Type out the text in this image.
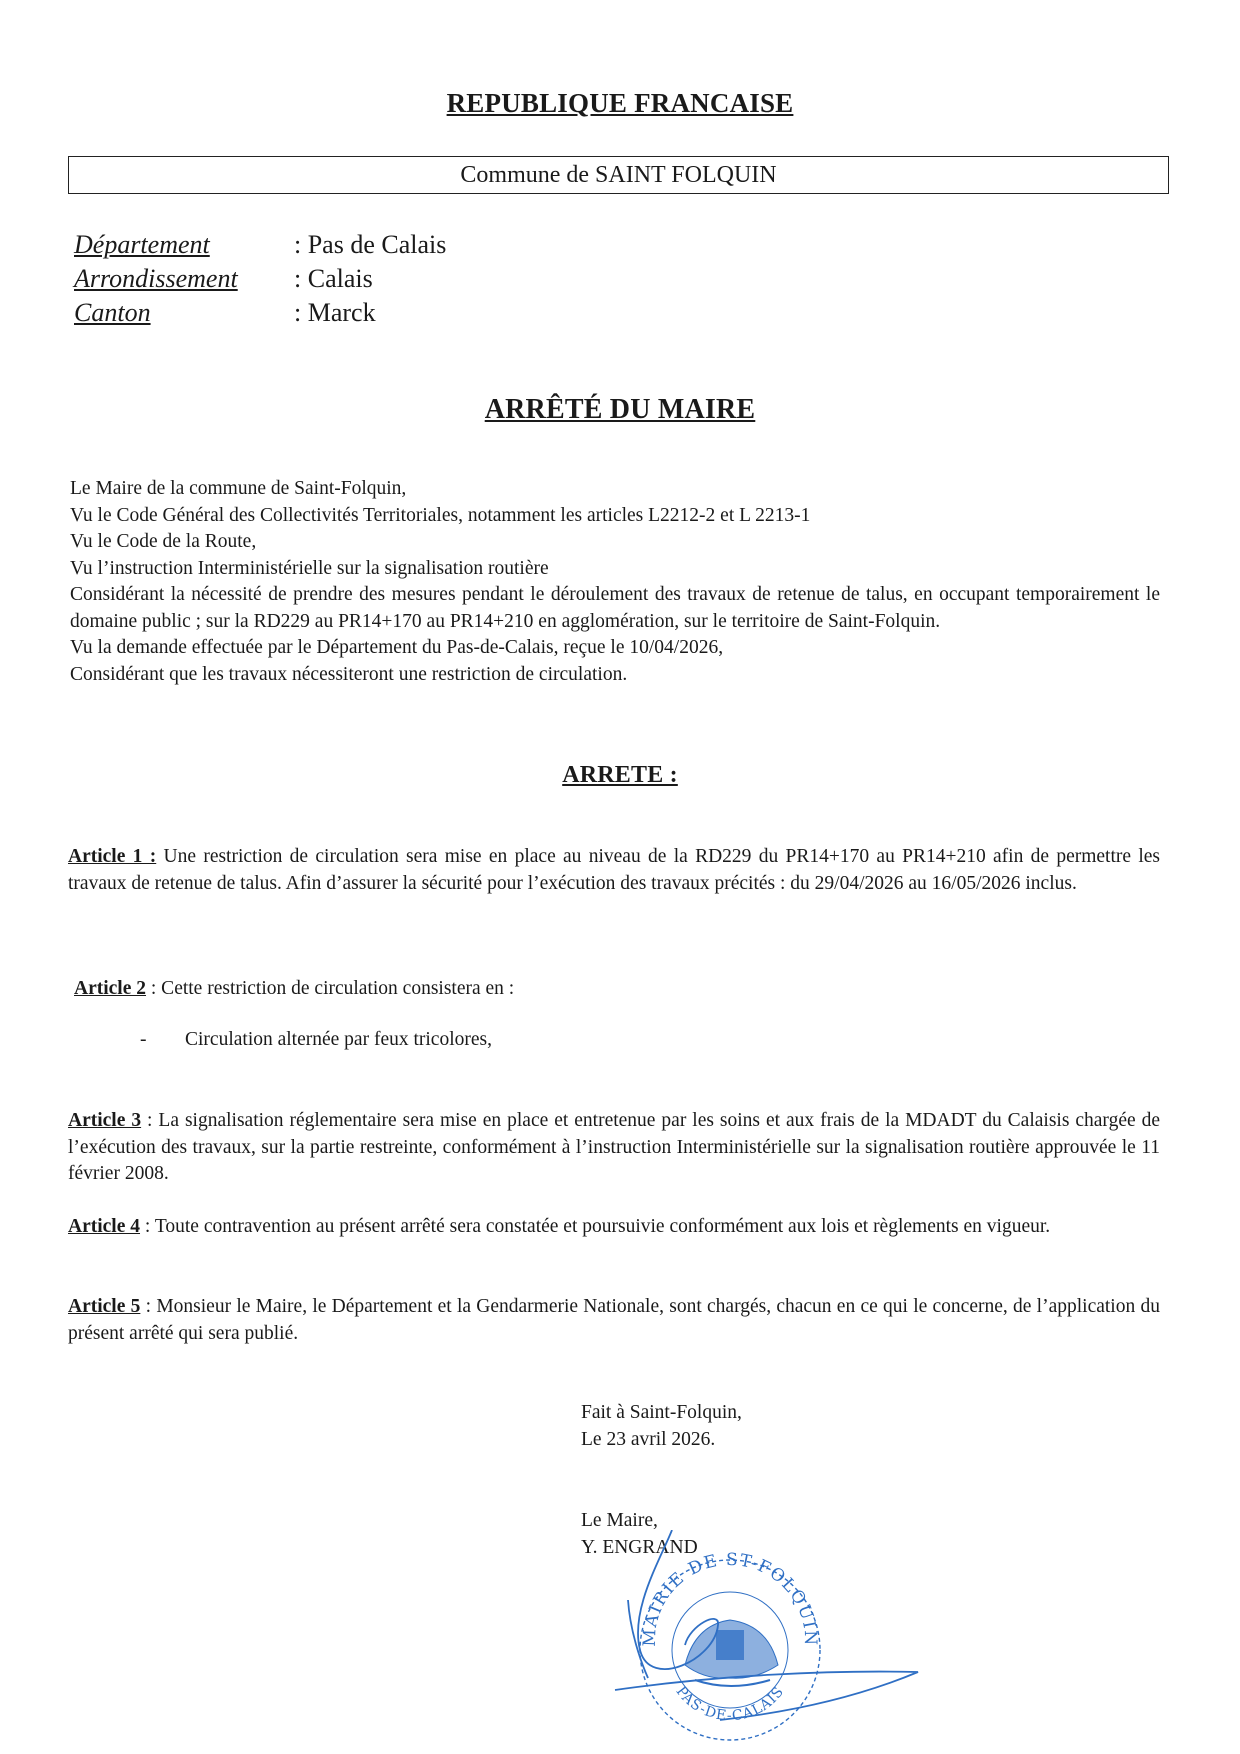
REPUBLIQUE FRANCAISE
Commune de SAINT FOLQUIN
Département	: Pas de Calais
Arrondissement : Calais
Canton	: Marck
ARRÊTÉ DU MAIRE

Le Maire de la commune de Saint-Folquin,

Vu le Code Général des Collectivités Territoriales, notamment les articles L2212-2 et L 2213-1

Vu le Code de la Route,

Vu l’instruction Interministérielle sur la signalisation routière

Considérant la nécessité de prendre des mesures pendant le déroulement des travaux de retenue de talus, en occupant temporairement le domaine public ; sur la RD229 au PR14+170 au PR14+210 en agglomération, sur le territoire de Saint-Folquin.

Vu la demande effectuée par le Département du Pas-de-Calais, reçue le 10/04/2026,

Considérant que les travaux nécessiteront une restriction de circulation.

ARRETE :
Article 1 : Une restriction de circulation sera mise en place au niveau de la RD229 du PR14+170 au PR14+210 afin de permettre les travaux de retenue de talus. Afin d’assurer la sécurité pour l’exécution des travaux précités : du 29/04/2026 au 16/05/2026 inclus.
Article 2 : Cette restriction de circulation consistera en :
- Circulation alternée par feux tricolores,
Article 3 : La signalisation réglementaire sera mise en place et entretenue par les soins et aux frais de la MDADT du Calaisis chargée de l’exécution des travaux, sur la partie restreinte, conformément à l’instruction Interministérielle sur la signalisation routière approuvée le 11 février 2008.
Article 4 : Toute contravention au présent arrêté sera constatée et poursuivie conformément aux lois et règlements en vigueur.
Article 5 : Monsieur le Maire, le Département et la Gendarmerie Nationale, sont chargés, chacun en ce qui le concerne, de l’application du présent arrêté qui sera publié.

Fait à Saint-Folquin,

Le 23 avril 2026.

Le Maire,

Y. ENGRAND

MAIRIE DE ST-FOLQUIN
PAS-DE-CALAIS
